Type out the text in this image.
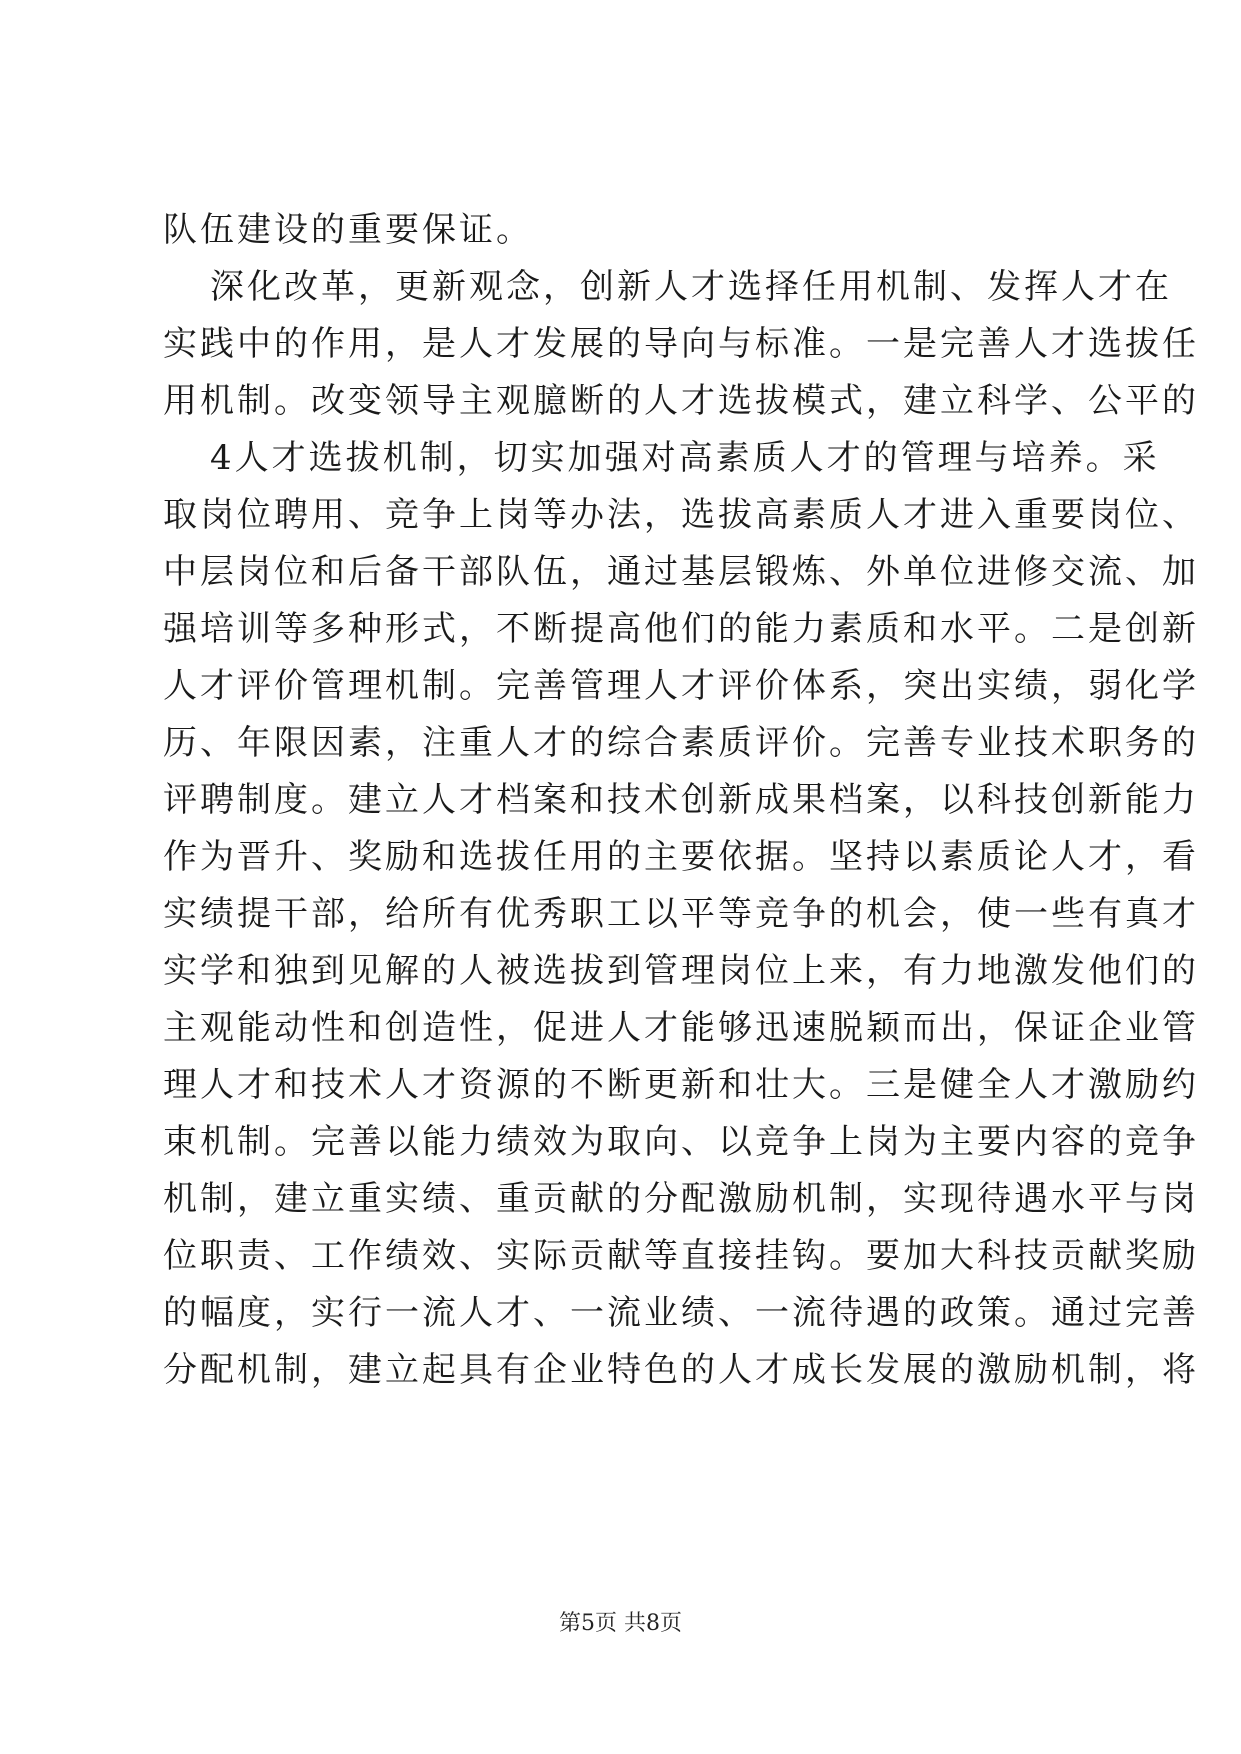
队伍建设的重要保证。
深化改革，更新观念，创新人才选择任用机制、发挥人才在
实践中的作用，是人才发展的导向与标准。一是完善人才选拔任
用机制。改变领导主观臆断的人才选拔模式，建立科学、公平的
4人才选拔机制，切实加强对高素质人才的管理与培养。采
取岗位聘用、竞争上岗等办法，选拔高素质人才进入重要岗位、
中层岗位和后备干部队伍，通过基层锻炼、外单位进修交流、加
强培训等多种形式，不断提高他们的能力素质和水平。二是创新
人才评价管理机制。完善管理人才评价体系，突出实绩，弱化学
历、年限因素，注重人才的综合素质评价。完善专业技术职务的
评聘制度。建立人才档案和技术创新成果档案，以科技创新能力
作为晋升、奖励和选拔任用的主要依据。坚持以素质论人才，看
实绩提干部，给所有优秀职工以平等竞争的机会，使一些有真才
实学和独到见解的人被选拔到管理岗位上来，有力地激发他们的
主观能动性和创造性，促进人才能够迅速脱颖而出，保证企业管
理人才和技术人才资源的不断更新和壮大。三是健全人才激励约
束机制。完善以能力绩效为取向、以竞争上岗为主要内容的竞争
机制，建立重实绩、重贡献的分配激励机制，实现待遇水平与岗
位职责、工作绩效、实际贡献等直接挂钩。要加大科技贡献奖励
的幅度，实行一流人才、一流业绩、一流待遇的政策。通过完善
分配机制，建立起具有企业特色的人才成长发展的激励机制，将
第5页 共8页
